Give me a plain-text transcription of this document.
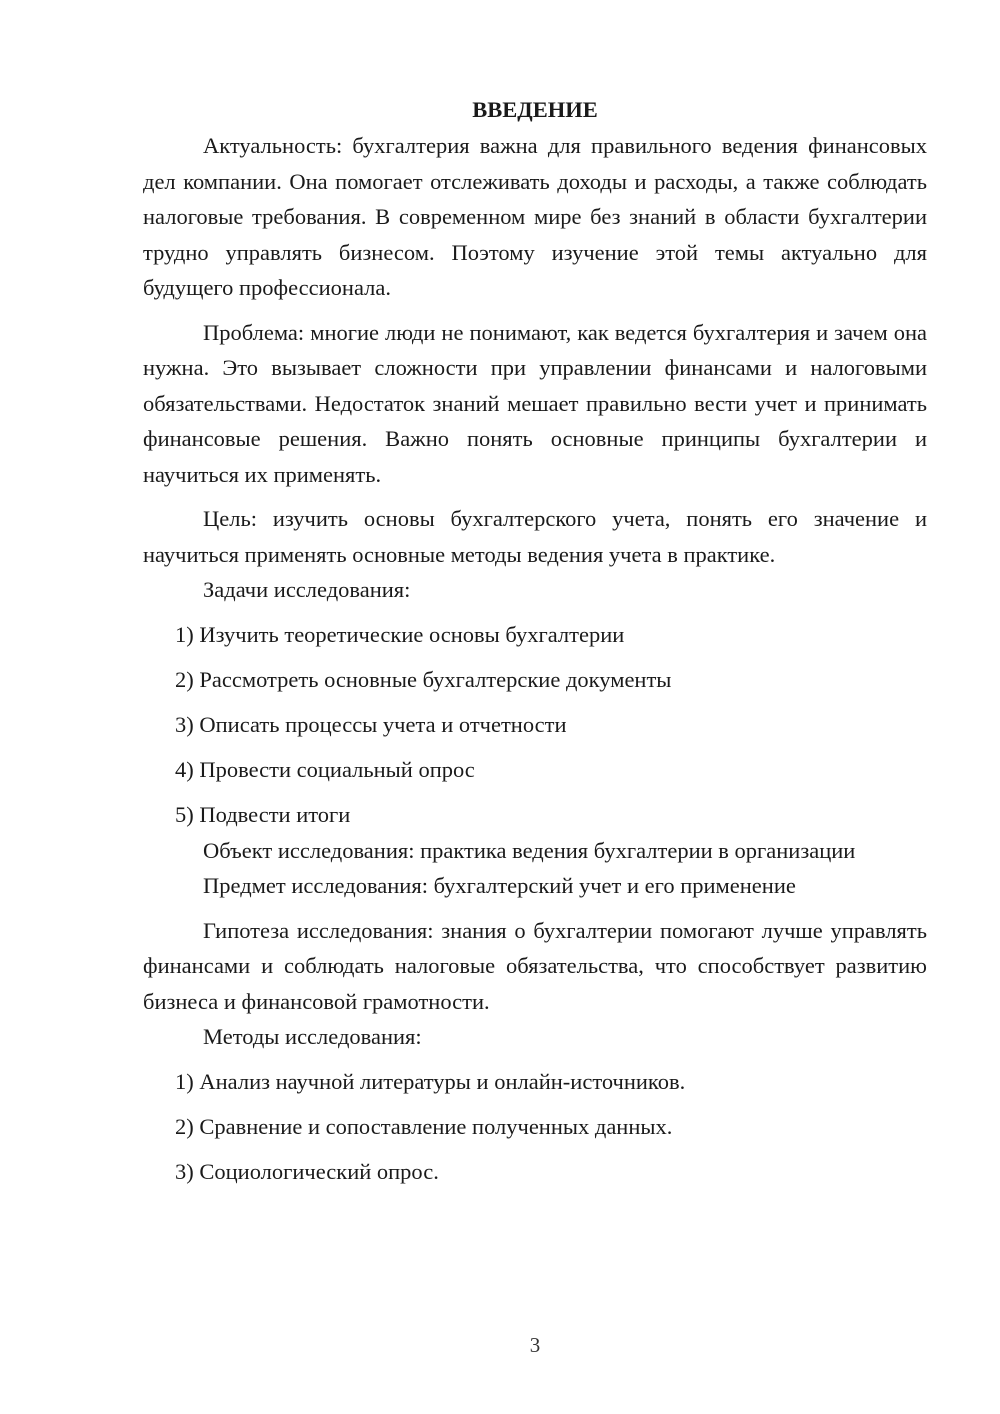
ВВЕДЕНИЕ

Актуальность: бухгалтерия важна для правильного ведения финансовых дел компании. Она помогает отслеживать доходы и расходы, а также соблюдать налоговые требования. В современном мире без знаний в области бухгалтерии трудно управлять бизнесом. Поэтому изучение этой темы актуально для будущего профессионала.

Проблема: многие люди не понимают, как ведется бухгалтерия и зачем она нужна. Это вызывает сложности при управлении финансами и налоговыми обязательствами. Недостаток знаний мешает правильно вести учет и принимать финансовые решения. Важно понять основные принципы бухгалтерии и научиться их применять.

Цель: изучить основы бухгалтерского учета, понять его значение и научиться применять основные методы ведения учета в практике.

Задачи исследования:

1) Изучить теоретические основы бухгалтерии

2) Рассмотреть основные бухгалтерские документы

3) Описать процессы учета и отчетности

4) Провести социальный опрос

5) Подвести итоги

Объект исследования: практика ведения бухгалтерии в организации

Предмет исследования: бухгалтерский учет и его применение

Гипотеза исследования: знания о бухгалтерии помогают лучше управлять финансами и соблюдать налоговые обязательства, что способствует развитию бизнеса и финансовой грамотности.

Методы исследования:

1) Анализ научной литературы и онлайн-источников.

2) Сравнение и сопоставление полученных данных.

3) Социологический опрос.

3
